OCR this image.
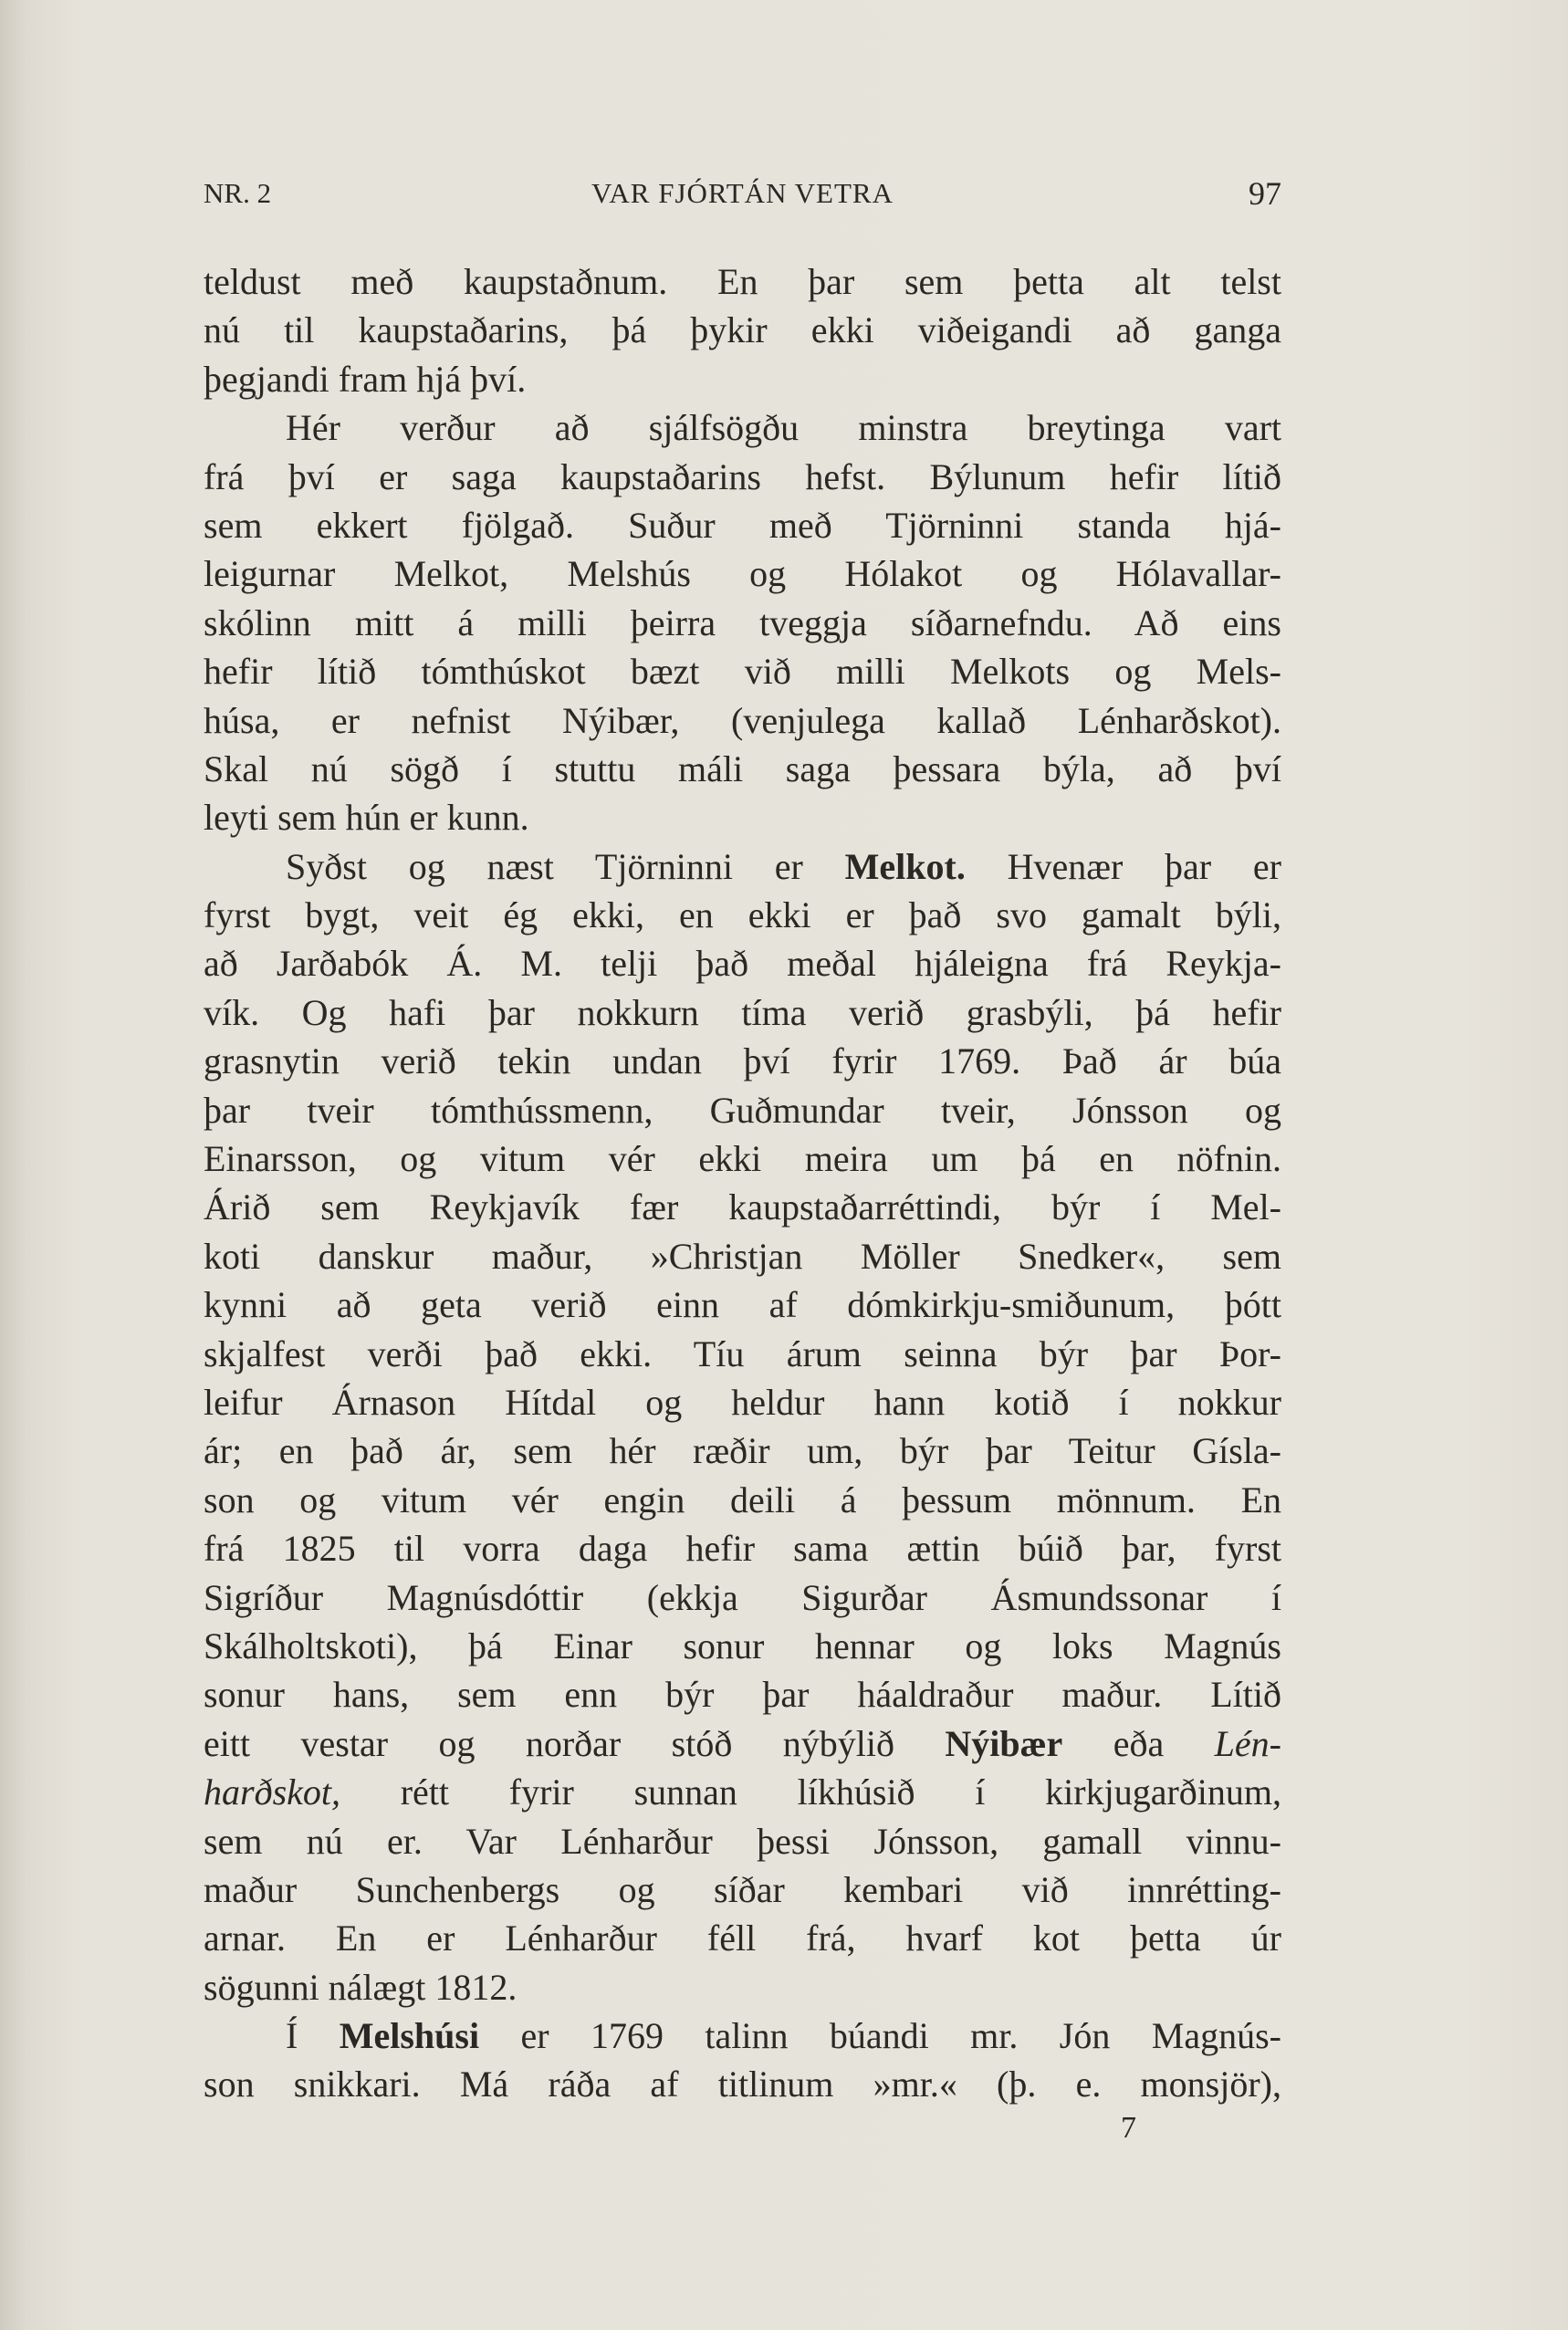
NR. 2	VAR FJÓRTÁN VETRA	97
teldust með kaupstaðnum. En þar sem þetta alt telst
nú til kaupstaðarins, þá þykir ekki viðeigandi að ganga
þegjandi fram hjá því.
Hér verður að sjálfsögðu minstra breytinga vart
frá því er saga kaupstaðarins hefst. Býlunum hefir lítið
sem ekkert fjölgað. Suður með Tjörninni standa hjá-
leigurnar Melkot, Melshús og Hólakot og Hólavallar-
skólinn mitt á milli þeirra tveggja síðarnefndu. Að eins
hefir lítið tómthúskot bæzt við milli Melkots og Mels-
húsa, er nefnist Nýibær, (venjulega kallað Lénharðskot).
Skal nú sögð í stuttu máli saga þessara býla, að því
leyti sem hún er kunn.
Syðst og næst Tjörninni er Melkot. Hvenær þar er
fyrst bygt, veit ég ekki, en ekki er það svo gamalt býli,
að Jarðabók Á. M. telji það meðal hjáleigna frá Reykja-
vík. Og hafi þar nokkurn tíma verið grasbýli, þá hefir
grasnytin verið tekin undan því fyrir 1769. Það ár búa
þar tveir tómthússmenn, Guðmundar tveir, Jónsson og
Einarsson, og vitum vér ekki meira um þá en nöfnin.
Árið sem Reykjavík fær kaupstaðarréttindi, býr í Mel-
koti danskur maður, »Christjan Möller Snedker«, sem
kynni að geta verið einn af dómkirkju-smiðunum, þótt
skjalfest verði það ekki. Tíu árum seinna býr þar Þor-
leifur Árnason Hítdal og heldur hann kotið í nokkur
ár; en það ár, sem hér ræðir um, býr þar Teitur Gísla-
son og vitum vér engin deili á þessum mönnum. En
frá 1825 til vorra daga hefir sama ættin búið þar, fyrst
Sigríður Magnúsdóttir (ekkja Sigurðar Ásmundssonar í
Skálholtskoti), þá Einar sonur hennar og loks Magnús
sonur hans, sem enn býr þar háaldraður maður. Lítið
eitt vestar og norðar stóð nýbýlið Nýibær eða Lén-
harðskot, rétt fyrir sunnan líkhúsið í kirkjugarðinum,
sem nú er. Var Lénharður þessi Jónsson, gamall vinnu-
maður Sunchenbergs og síðar kembari við innrétting-
arnar. En er Lénharður féll frá, hvarf kot þetta úr
sögunni nálægt 1812.
Í Melshúsi er 1769 talinn búandi mr. Jón Magnús-
son snikkari. Má ráða af titlinum »mr.« (þ. e. monsjör),
7
